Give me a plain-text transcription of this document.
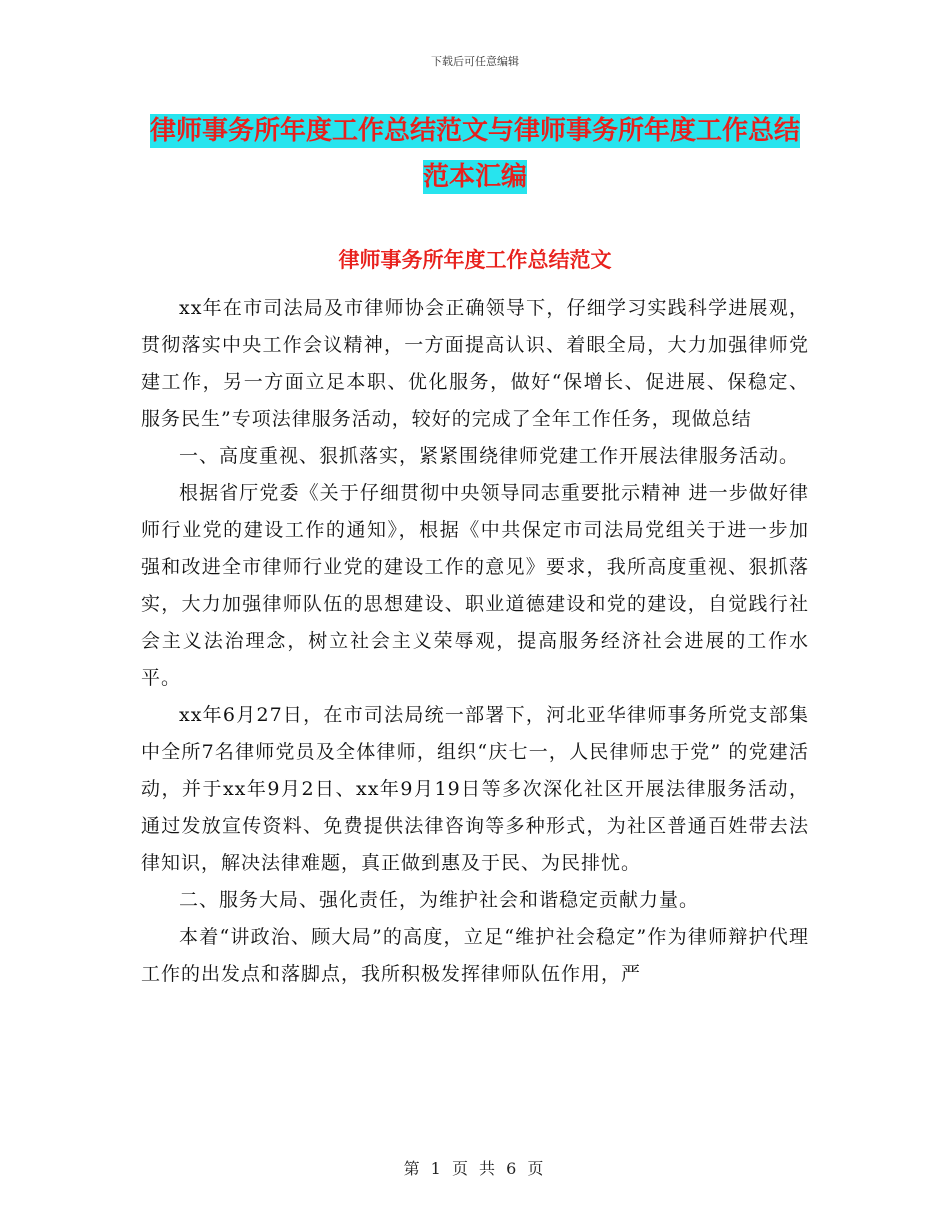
下载后可任意编辑
律师事务所年度工作总结范文与律师事务所年度工作总结范本汇编
律师事务所年度工作总结范文

xx年在市司法局及市律师协会正确领导下，仔细学习实践科学进展观，贯彻落实中央工作会议精神，一方面提高认识、着眼全局，大力加强律师党建工作，另一方面立足本职、优化服务，做好“保增长、促进展、保稳定、服务民生”专项法律服务活动，较好的完成了全年工作任务，现做总结

一、高度重视、狠抓落实，紧紧围绕律师党建工作开展法律服务活动。

根据省厅党委《关于仔细贯彻中央领导同志重要批示精神 进一步做好律师行业党的建设工作的通知》，根据《中共保定市司法局党组关于进一步加强和改进全市律师行业党的建设工作的意见》要求，我所高度重视、狠抓落实，大力加强律师队伍的思想建设、职业道德建设和党的建设，自觉践行社会主义法治理念，树立社会主义荣辱观，提高服务经济社会进展的工作水平。

xx年6月27日，在市司法局统一部署下，河北亚华律师事务所党支部集中全所7名律师党员及全体律师，组织“庆七一，人民律师忠于党” 的党建活动，并于xx年9月2日、xx年9月19日等多次深化社区开展法律服务活动，通过发放宣传资料、免费提供法律咨询等多种形式，为社区普通百姓带去法律知识，解决法律难题，真正做到惠及于民、为民排忧。

二、服务大局、强化责任，为维护社会和谐稳定贡献力量。

本着“讲政治、顾大局”的高度，立足“维护社会稳定”作为律师辩护代理工作的出发点和落脚点，我所积极发挥律师队伍作用，严

第 1 页 共 6 页
